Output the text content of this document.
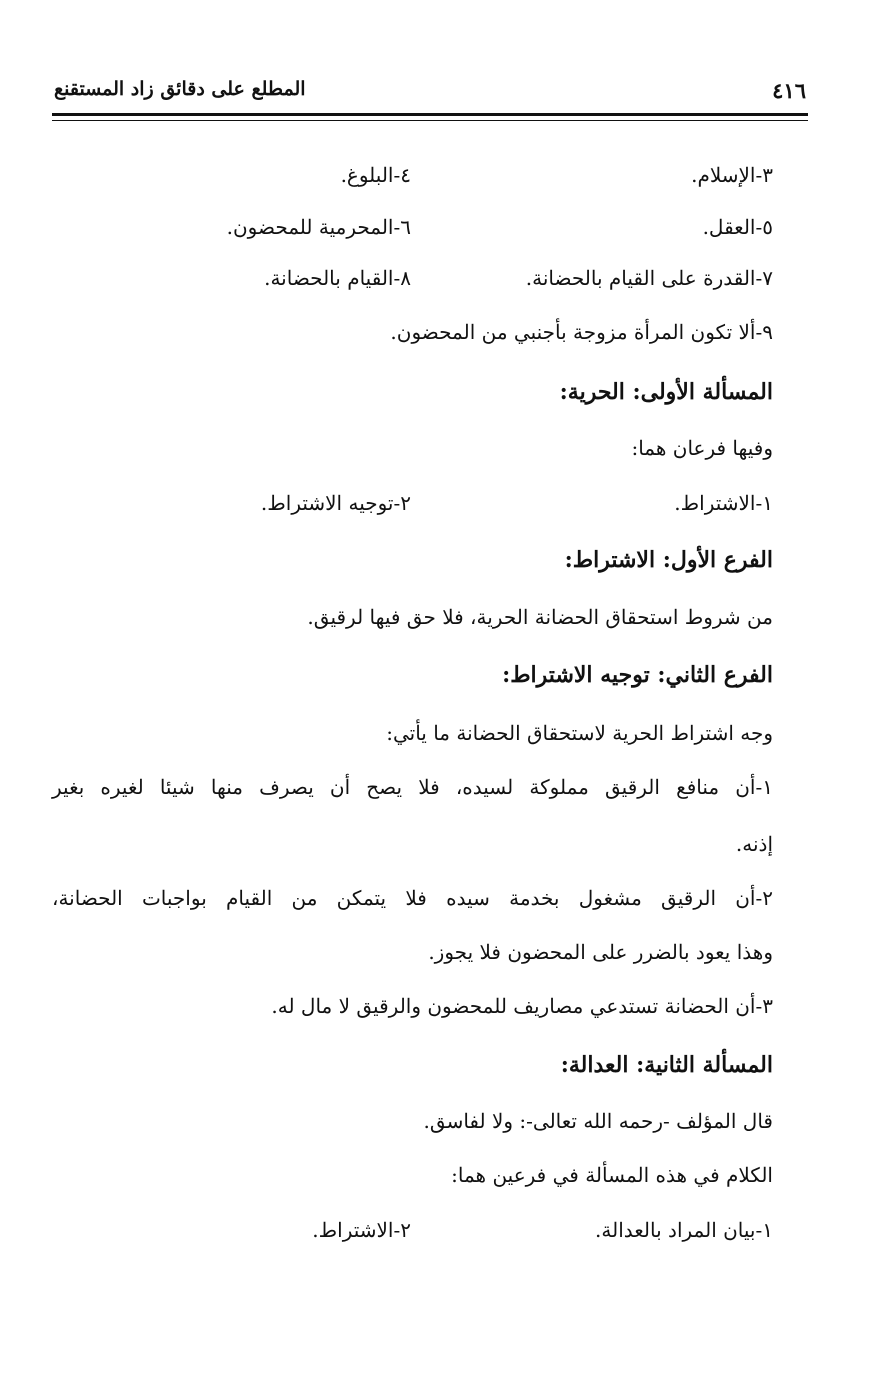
٤١٦
المطلع على دقائق زاد المستقنع
٣-الإسلام.
٤-البلوغ.
٥-العقل.
٦-المحرمية للمحضون.
٧-القدرة على القيام بالحضانة.
٨-القيام بالحضانة.
٩-ألا تكون المرأة مزوجة بأجنبي من المحضون.
المسألة الأولى: الحرية:
وفيها فرعان هما:
١-الاشتراط.
٢-توجيه الاشتراط.
الفرع الأول: الاشتراط:
من شروط استحقاق الحضانة الحرية، فلا حق فيها لرقيق.
الفرع الثاني: توجيه الاشتراط:
وجه اشتراط الحرية لاستحقاق الحضانة ما يأتي:
١-أن منافع الرقيق مملوكة لسيده، فلا يصح أن يصرف منها شيئا لغيره بغير
إذنه.
٢-أن الرقيق مشغول بخدمة سيده فلا يتمكن من القيام بواجبات الحضانة،
وهذا يعود بالضرر على المحضون فلا يجوز.
٣-أن الحضانة تستدعي مصاريف للمحضون والرقيق لا مال له.
المسألة الثانية: العدالة:
قال المؤلف -رحمه الله تعالى-: ولا لفاسق.
الكلام في هذه المسألة في فرعين هما:
١-بيان المراد بالعدالة.
٢-الاشتراط.
